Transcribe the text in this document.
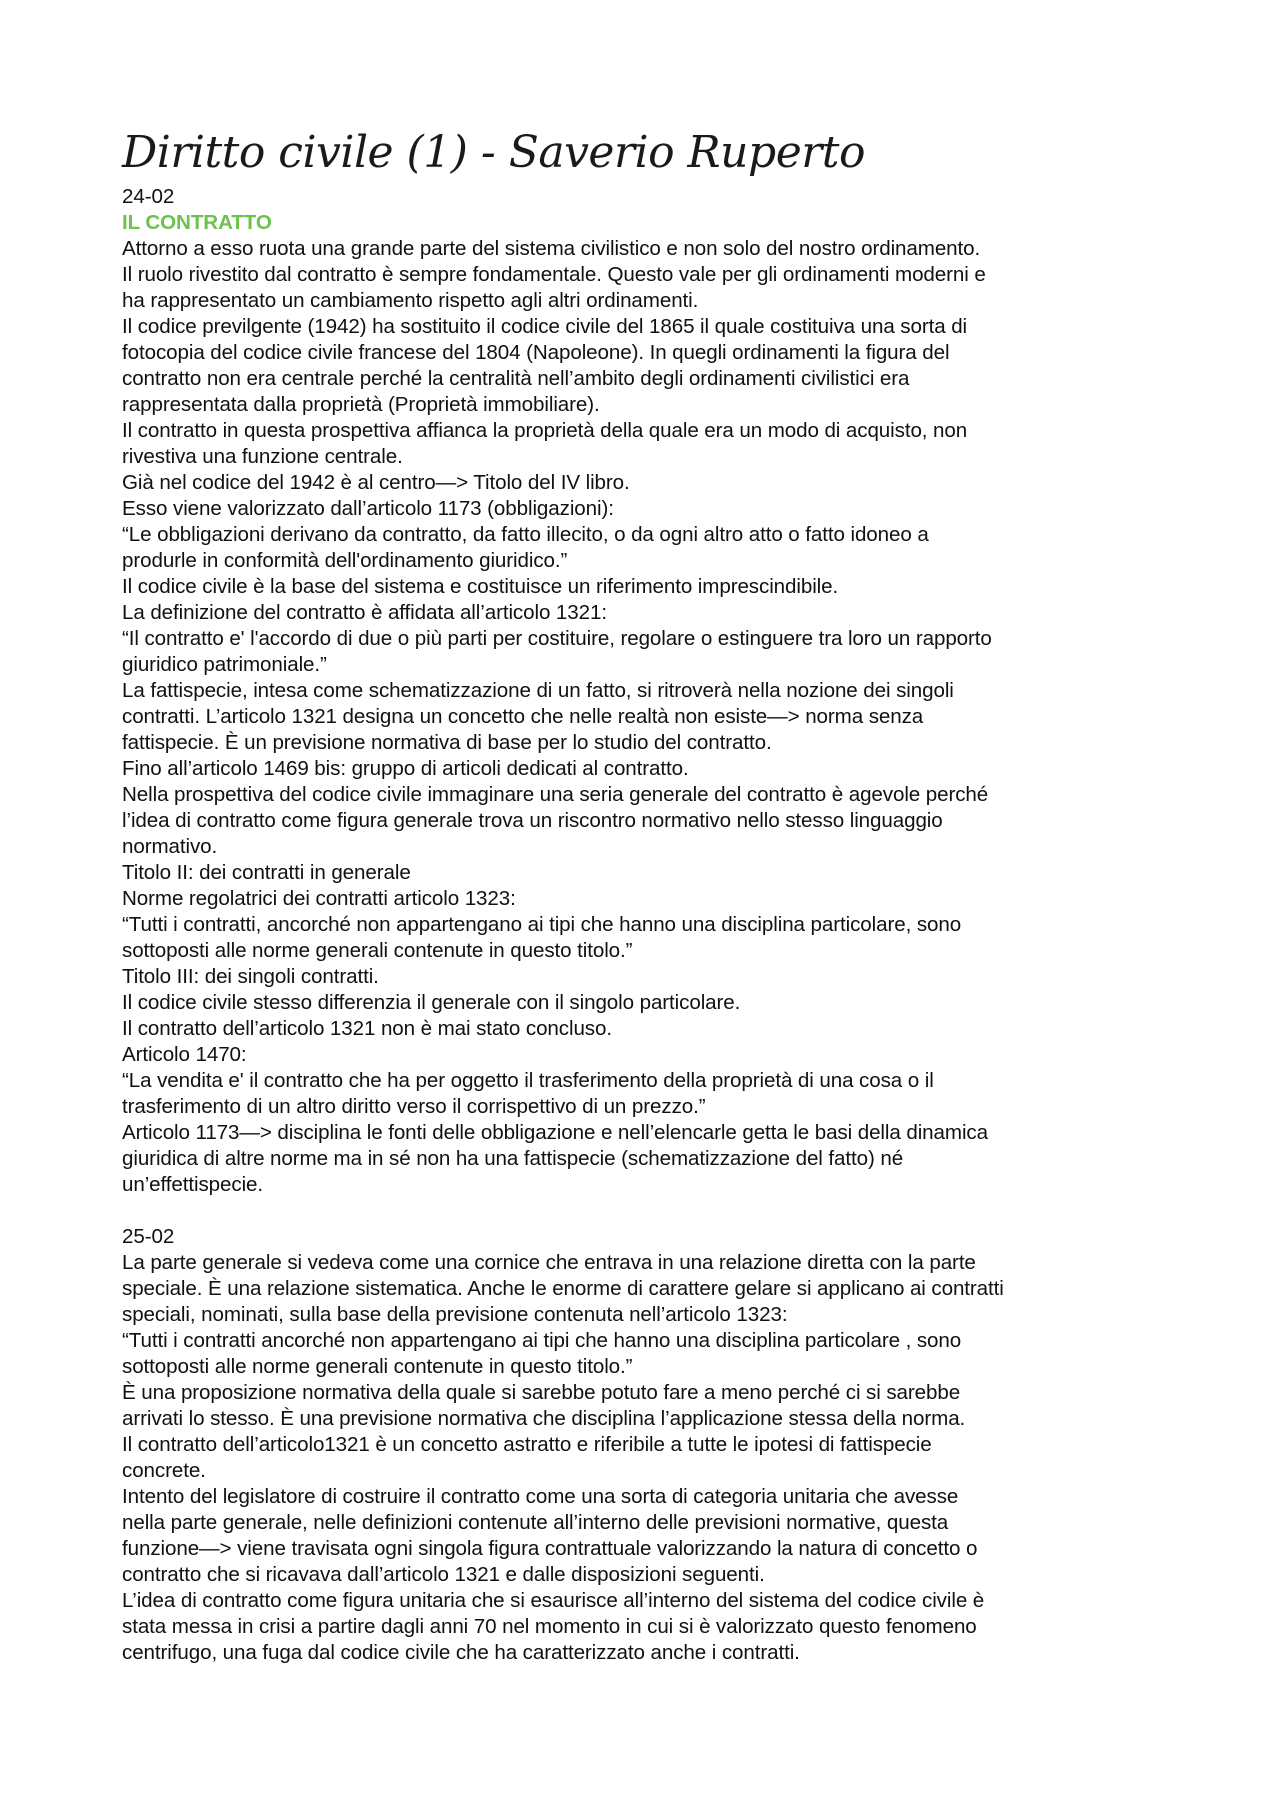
Diritto civile (1) - Saverio Ruperto
24-02
IL CONTRATTO
Attorno a esso ruota una grande parte del sistema civilistico e non solo del nostro ordinamento.
Il ruolo rivestito dal contratto è sempre fondamentale. Questo vale per gli ordinamenti moderni e
ha rappresentato un cambiamento rispetto agli altri ordinamenti.
Il codice previlgente (1942) ha sostituito il codice civile del 1865 il quale costituiva una sorta di
fotocopia del codice civile francese del 1804 (Napoleone). In quegli ordinamenti la figura del
contratto non era centrale perché la centralità nell’ambito degli ordinamenti civilistici era
rappresentata dalla proprietà (Proprietà immobiliare).
Il contratto in questa prospettiva affianca la proprietà della quale era un modo di acquisto, non
rivestiva una funzione centrale.
Già nel codice del 1942 è al centro—> Titolo del IV libro.
Esso viene valorizzato dall’articolo 1173 (obbligazioni):
“Le obbligazioni derivano da contratto, da fatto illecito, o da ogni altro atto o fatto idoneo a
produrle in conformità dell'ordinamento giuridico.”
Il codice civile è la base del sistema e costituisce un riferimento imprescindibile.
La definizione del contratto è affidata all’articolo 1321:
“Il contratto e' l'accordo di due o più parti per costituire, regolare o estinguere tra loro un rapporto
giuridico patrimoniale.”
La fattispecie, intesa come schematizzazione di un fatto, si ritroverà nella nozione dei singoli
contratti. L’articolo 1321 designa un concetto che nelle realtà non esiste—> norma senza
fattispecie. È un previsione normativa di base per lo studio del contratto.
Fino all’articolo 1469 bis: gruppo di articoli dedicati al contratto.
Nella prospettiva del codice civile immaginare una seria generale del contratto è agevole perché
l’idea di contratto come figura generale trova un riscontro normativo nello stesso linguaggio
normativo.
Titolo II: dei contratti in generale
Norme regolatrici dei contratti articolo 1323:
“Tutti i contratti, ancorché non appartengano ai tipi che hanno una disciplina particolare, sono
sottoposti alle norme generali contenute in questo titolo.”
Titolo III: dei singoli contratti.
Il codice civile stesso differenzia il generale con il singolo particolare.
Il contratto dell’articolo 1321 non è mai stato concluso.
Articolo 1470:
“La vendita e' il contratto che ha per oggetto il trasferimento della proprietà di una cosa o il
trasferimento di un altro diritto verso il corrispettivo di un prezzo.”
Articolo 1173—> disciplina le fonti delle obbligazione e nell’elencarle getta le basi della dinamica
giuridica di altre norme ma in sé non ha una fattispecie (schematizzazione del fatto) né
un’effettispecie.
25-02
La parte generale si vedeva come una cornice che entrava in una relazione diretta con la parte
speciale. È una relazione sistematica. Anche le enorme di carattere gelare si applicano ai contratti
speciali, nominati, sulla base della previsione contenuta nell’articolo 1323:
“Tutti i contratti ancorché non appartengano ai tipi che hanno una disciplina particolare , sono
sottoposti alle norme generali contenute in questo titolo.”
È una proposizione normativa della quale si sarebbe potuto fare a meno perché ci si sarebbe
arrivati lo stesso. È una previsione normativa che disciplina l’applicazione stessa della norma.
Il contratto dell’articolo1321 è un concetto astratto e riferibile a tutte le ipotesi di fattispecie
concrete.
Intento del legislatore di costruire il contratto come una sorta di categoria unitaria che avesse
nella parte generale, nelle definizioni contenute all’interno delle previsioni normative, questa
funzione—> viene travisata ogni singola figura contrattuale valorizzando la natura di concetto o
contratto che si ricavava dall’articolo 1321 e dalle disposizioni seguenti.
L’idea di contratto come figura unitaria che si esaurisce all’interno del sistema del codice civile è
stata messa in crisi a partire dagli anni 70 nel momento in cui si è valorizzato questo fenomeno
centrifugo, una fuga dal codice civile che ha caratterizzato anche i contratti.
